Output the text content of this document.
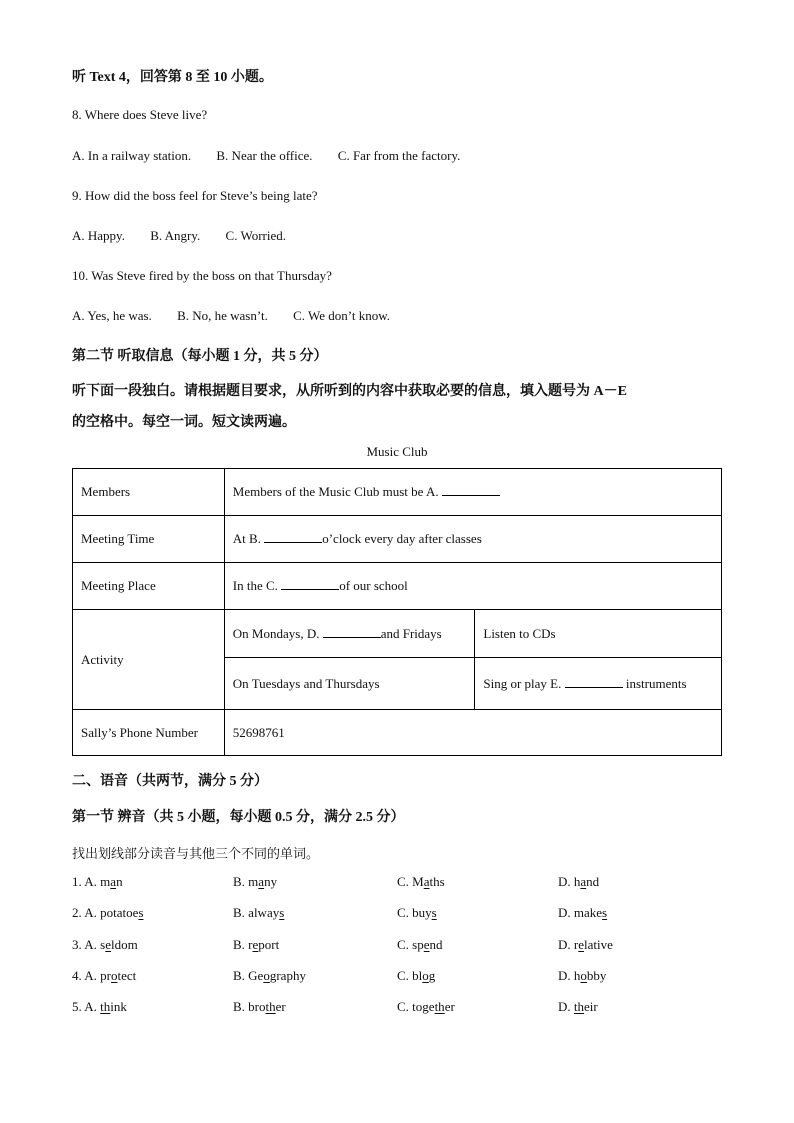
听 Text 4，回答第 8 至 10 小题。
8. Where does Steve live?
A. In a railway station. B. Near the office. C. Far from the factory.
9. How did the boss feel for Steve’s being late?
A. Happy. B. Angry. C. Worried.
10. Was Steve fired by the boss on that Thursday?
A. Yes, he was. B. No, he wasn’t. C. We don’t know.
第二节 听取信息（每小题 1 分，共 5 分）
听下面一段独白。请根据题目要求，从所听到的内容中获取必要的信息，填入题号为 A－E
的空格中。每空一词。短文读两遍。
Music Club
Members	Members of the Music Club must be A.	
Meeting Time	At B. o’clock every day after classes	
Meeting Place	In the C. of our school	
Activity	On Mondays, D. and Fridays	Listen to CDs
	On Tuesdays and Thursdays	Sing or play E. instruments
Sally’s Phone Number	52698761	
二、语音（共两节，满分 5 分）
第一节 辨音（共 5 小题，每小题 0.5 分，满分 2.5 分）
找出划线部分读音与其他三个不同的单词。
1. A. man	B. many	C. Maths	D. hand
2. A. potatoes	B. always	C. buys	D. makes
3. A. seldom	B. report	C. spend	D. relative
4. A. protect	B. Geography	C. blog	D. hobby
5. A. think	B. brother	C. together	D. their
